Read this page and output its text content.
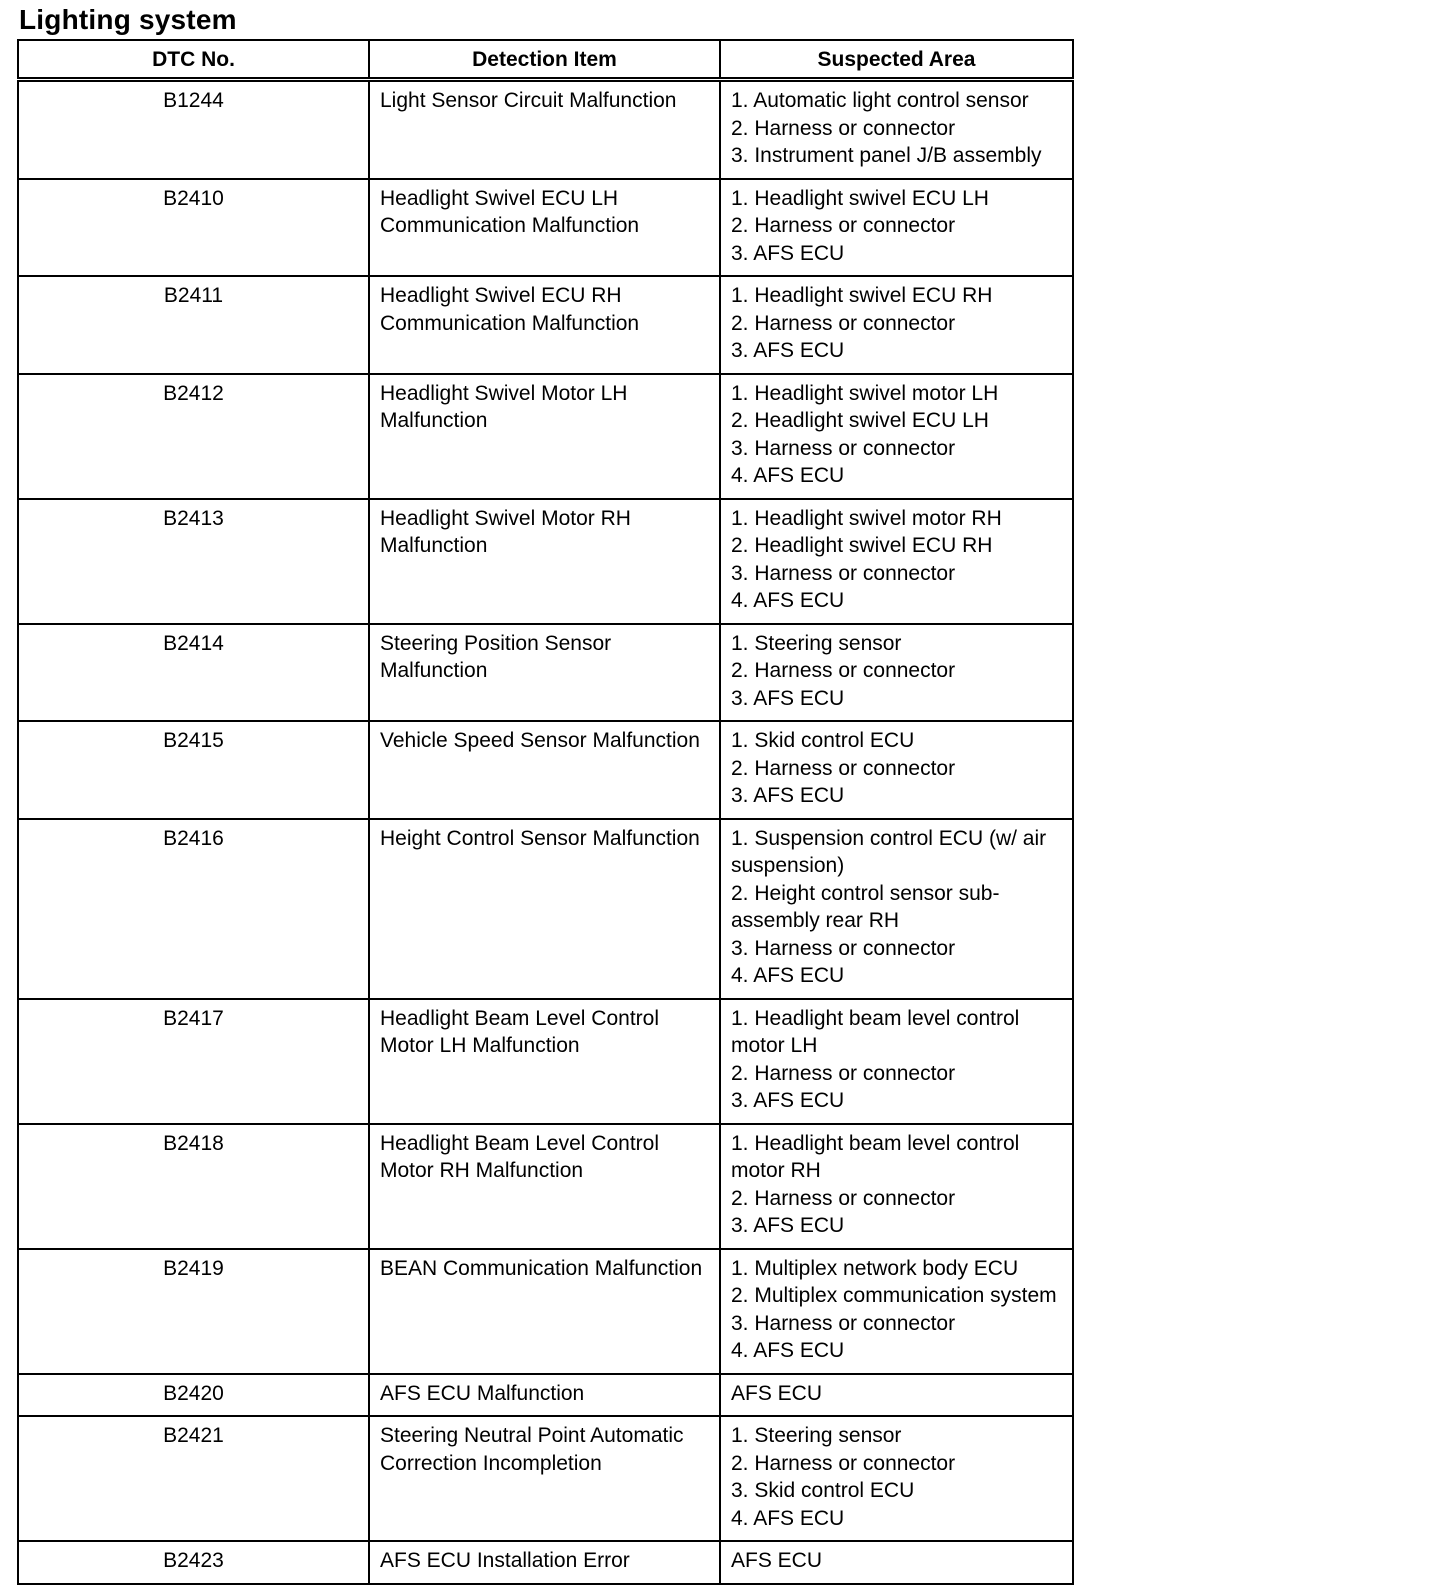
Lighting system
DTC No.	Detection Item	Suspected Area
B1244	Light Sensor Circuit Malfunction	1. Automatic light control sensor
2. Harness or connector
3. Instrument panel J/B assembly

B2410	Headlight Swivel ECU LH Communication Malfunction	1. Headlight swivel ECU LH
2. Harness or connector
3. AFS ECU

B2411	Headlight Swivel ECU RH Communication Malfunction	1. Headlight swivel ECU RH
2. Harness or connector
3. AFS ECU

B2412	Headlight Swivel Motor LH Malfunction	1. Headlight swivel motor LH
2. Headlight swivel ECU LH
3. Harness or connector
4. AFS ECU

B2413	Headlight Swivel Motor RH Malfunction	1. Headlight swivel motor RH
2. Headlight swivel ECU RH
3. Harness or connector
4. AFS ECU

B2414	Steering Position Sensor Malfunction	1. Steering sensor
2. Harness or connector
3. AFS ECU

B2415	Vehicle Speed Sensor Malfunction	1. Skid control ECU
2. Harness or connector
3. AFS ECU

B2416	Height Control Sensor Malfunction	1. Suspension control ECU (w/ air suspension)
2. Height control sensor sub-assembly rear RH
3. Harness or connector
4. AFS ECU

B2417	Headlight Beam Level Control Motor LH Malfunction	1. Headlight beam level control motor LH
2. Harness or connector
3. AFS ECU

B2418	Headlight Beam Level Control Motor RH Malfunction	1. Headlight beam level control motor RH
2. Harness or connector
3. AFS ECU

B2419	BEAN Communication Malfunction	1. Multiplex network body ECU
2. Multiplex communication system
3. Harness or connector
4. AFS ECU

B2420	AFS ECU Malfunction	AFS ECU

B2421	Steering Neutral Point Automatic Correction Incompletion	1. Steering sensor
2. Harness or connector
3. Skid control ECU
4. AFS ECU

B2423	AFS ECU Installation Error	AFS ECU
